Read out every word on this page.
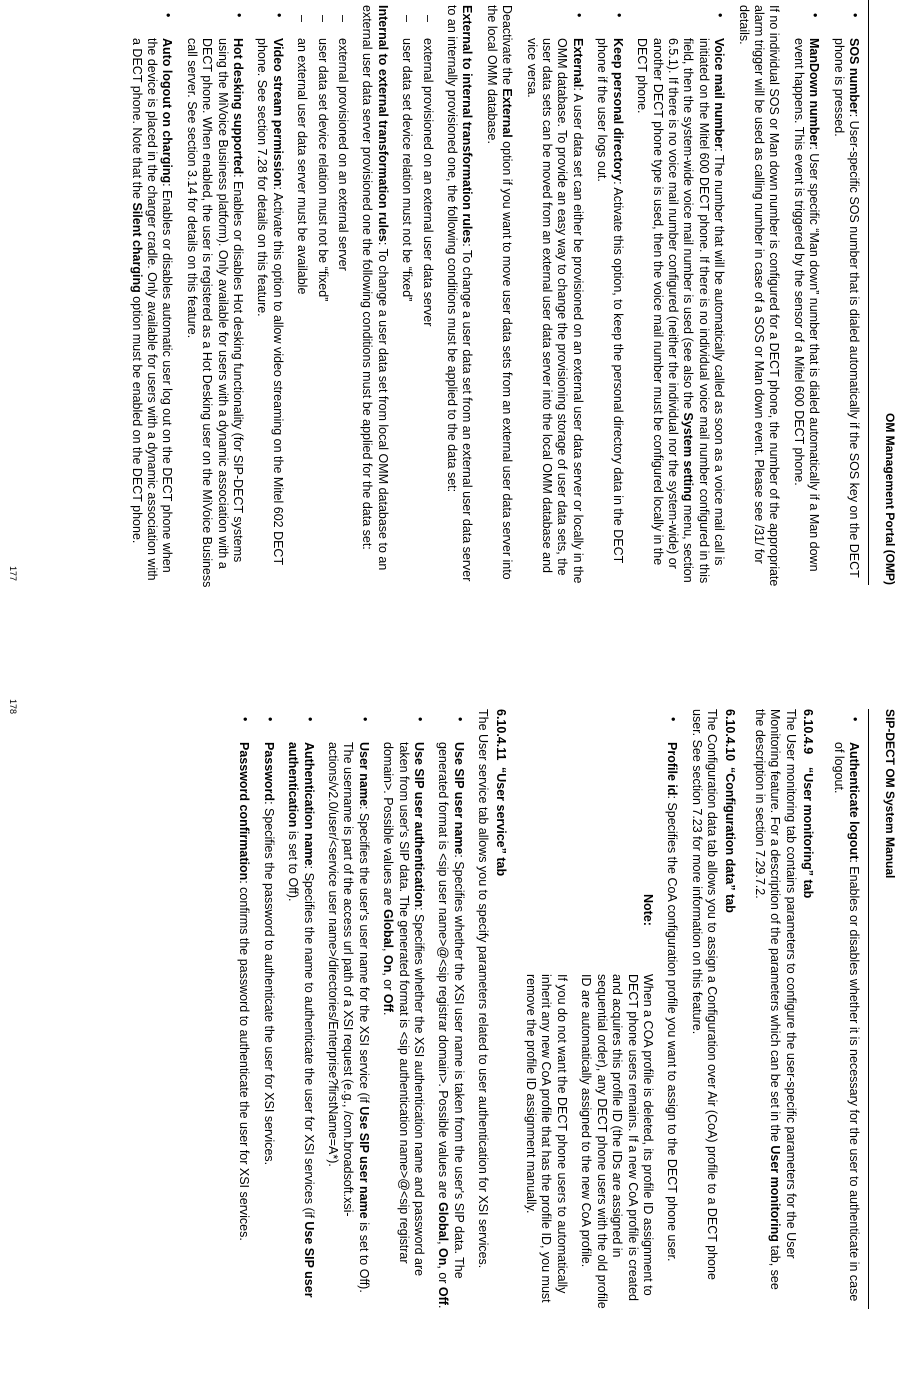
OM Management Portal (OMP)
•
SOS number: User-specific SOS number that is dialed automatically if the SOS key on the DECT phone is pressed.
•
ManDown number: User specific “Man down” number that is dialed automatically if a Man down event happens. This event is triggered by the sensor of a Mitel 600 DECT phone.

If no individual SOS or Man down number is configured for a DECT phone, the number of the appropriate alarm trigger will be used as calling number in case of a SOS or Man down event. Please see /31/ for details.

•
Voice mail number: The number that will be automatically called as soon as a voice mail call is initiated on the Mitel 600 DECT phone. If there is no individual voice mail number configured in this field, then the system-wide voice mail number is used (see also the System setting menu, section 6.5.1). If there is no voice mail number configured (neither the individual nor the system-wide) or another DECT phone type is used, then the voice mail number must be configured locally in the DECT phone.
•
Keep personal directory: Activate this option, to keep the personal directory data in the DECT phone if the user logs out.
•
External: A user data set can either be provisioned on an external user data server or locally in the OMM database. To provide an easy way to change the provisioning storage of user data sets, the user data sets can be moved from an external user data server into the local OMM database and vice versa.

Deactivate the External option if you want to move user data sets from an external user data server into the local OMM database.

External to internal transformation rules: To change a user data set from an external user data server to an internally provisioned one, the following conditions must be applied to the data set:

–
external provisioned on an external user data server
–
user data set device relation must not be “fixed”

Internal to external transformation rules: To change a user data set from local OMM database to an external user data server provisioned one the following conditions must be applied for the data set:

–
external provisioned on an external server
–
user data set device relation must not be “fixed”
–
an external user data server must be available
•
Video stream permission: Activate this option to allow video streaming on the Mitel 602 DECT phone. See section 7.28 for details on this feature.
•
Hot desking supported: Enables or disables Hot desking functionality (for SIP-DECT systems using the MiVoice Business platform). Only available for users with a dynamic association with a DECT phone. When enabled, the user is registered as a Hot Desking user on the MiVoice Business call server. See section 3.14 for details on this feature.
•
Auto logout on charging: Enables or disables automatic user log out on the DECT phone when the device is placed in the charger cradle. Only available for users with a dynamic association with a DECT phone. Note that the Silent charging option must be enabled on the DECT phone.
177
SIP-DECT OM System Manual
•
Authenticate logout: Enables or disables whether it is necessary for the user to authenticate in case of logout.
6.10.4.9“User monitoring” tab

The User monitoring tab contains parameters to configure the user-specific parameters for the User Monitoring feature. For a description of the parameters which can be set in the User monitoring tab, see the description in section 7.29.7.2.

6.10.4.10“Configuration data” tab

The Configuration data tab allows you to assign a Configuration over Air (CoA) profile to a DECT phone user. See section 7.23 for more information on this feature.

•
Profile id: Specifies the CoA configuration profile you want to assign to the DECT phone user.
Note:
When a COA profile is deleted, its profile ID assignment to DECT phone users remains. If a new CoA profile is created and acquires this profile ID (the IDs are assigned in sequential order), any DECT phone users with the old profile ID are automatically assigned to the new CoA profile.

If you do not want the DECT phone users to automatically inherit any new CoA profile that has the profile ID, you must remove the profile ID assignment manually.

6.10.4.11“User service” tab

The User service tab allows you to specify parameters related to user authentication for XSI services.

•
Use SIP user name: Specifies whether the XSI user name is taken from the user's SIP data. The generated format is <sip user name>@<sip registrar domain>. Possible values are Global, On, or Off.
•
Use SIP user authentication: Specifies whether the XSI authentication name and password are taken from user's SIP data. The generated format is <sip authentication name>@<sip registrar domain>. Possible values are Global, On, or Off.
•
User name: Specifies the user's user name for the XSI service (if Use SIP user name is set to Off). The username is part of the access url path of a XSI request (e.g., /com.broadsoft.xsi-actions/v2.0/user/<service user name>/directories/Enterprise?firstName=A*).
•
Authentication name: Specifies the name to authenticate the user for XSI services (if Use SIP user authentication is set to Off).
•
Password: Specifies the password to authenticate the user for XSI services.
•
Password confirmation: confirms the password to authenticate the user for XSI services.
178
